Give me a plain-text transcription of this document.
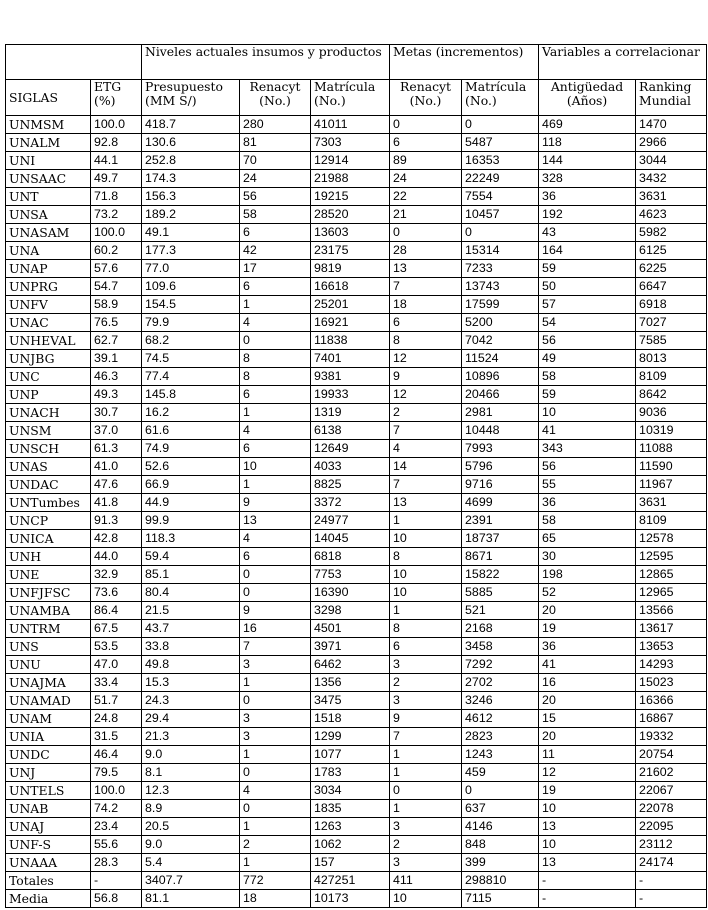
		Niveles actuales insumos y productos			Metas (incrementos)		Variables a correlacionar	
SIGLAS	ETG (%)	Presupuesto (MM S/)	Renacyt (No.)	Matrícula (No.)	Renacyt (No.)	Matrícula (No.)	Antigüedad (Años)	Ranking Mundial
UNMSM	100.0	418.7	280	41011	0	0	469	1470
UNALM	92.8	130.6	81	7303	6	5487	118	2966
UNI	44.1	252.8	70	12914	89	16353	144	3044
UNSAAC	49.7	174.3	24	21988	24	22249	328	3432
UNT	71.8	156.3	56	19215	22	7554	36	3631
UNSA	73.2	189.2	58	28520	21	10457	192	4623
UNASAM	100.0	49.1	6	13603	0	0	43	5982
UNA	60.2	177.3	42	23175	28	15314	164	6125
UNAP	57.6	77.0	17	9819	13	7233	59	6225
UNPRG	54.7	109.6	6	16618	7	13743	50	6647
UNFV	58.9	154.5	1	25201	18	17599	57	6918
UNAC	76.5	79.9	4	16921	6	5200	54	7027
UNHEVAL	62.7	68.2	0	11838	8	7042	56	7585
UNJBG	39.1	74.5	8	7401	12	11524	49	8013
UNC	46.3	77.4	8	9381	9	10896	58	8109
UNP	49.3	145.8	6	19933	12	20466	59	8642
UNACH	30.7	16.2	1	1319	2	2981	10	9036
UNSM	37.0	61.6	4	6138	7	10448	41	10319
UNSCH	61.3	74.9	6	12649	4	7993	343	11088
UNAS	41.0	52.6	10	4033	14	5796	56	11590
UNDAC	47.6	66.9	1	8825	7	9716	55	11967
UNTumbes	41.8	44.9	9	3372	13	4699	36	3631
UNCP	91.3	99.9	13	24977	1	2391	58	8109
UNICA	42.8	118.3	4	14045	10	18737	65	12578
UNH	44.0	59.4	6	6818	8	8671	30	12595
UNE	32.9	85.1	0	7753	10	15822	198	12865
UNFJFSC	73.6	80.4	0	16390	10	5885	52	12965
UNAMBA	86.4	21.5	9	3298	1	521	20	13566
UNTRM	67.5	43.7	16	4501	8	2168	19	13617
UNS	53.5	33.8	7	3971	6	3458	36	13653
UNU	47.0	49.8	3	6462	3	7292	41	14293
UNAJMA	33.4	15.3	1	1356	2	2702	16	15023
UNAMAD	51.7	24.3	0	3475	3	3246	20	16366
UNAM	24.8	29.4	3	1518	9	4612	15	16867
UNIA	31.5	21.3	3	1299	7	2823	20	19332
UNDC	46.4	9.0	1	1077	1	1243	11	20754
UNJ	79.5	8.1	0	1783	1	459	12	21602
UNTELS	100.0	12.3	4	3034	0	0	19	22067
UNAB	74.2	8.9	0	1835	1	637	10	22078
UNAJ	23.4	20.5	1	1263	3	4146	13	22095
UNF-S	55.6	9.0	2	1062	2	848	10	23112
UNAAA	28.3	5.4	1	157	3	399	13	24174
Totales	-	3407.7	772	427251	411	298810	-	-
Media	56.8	81.1	18	10173	10	7115	-	-
